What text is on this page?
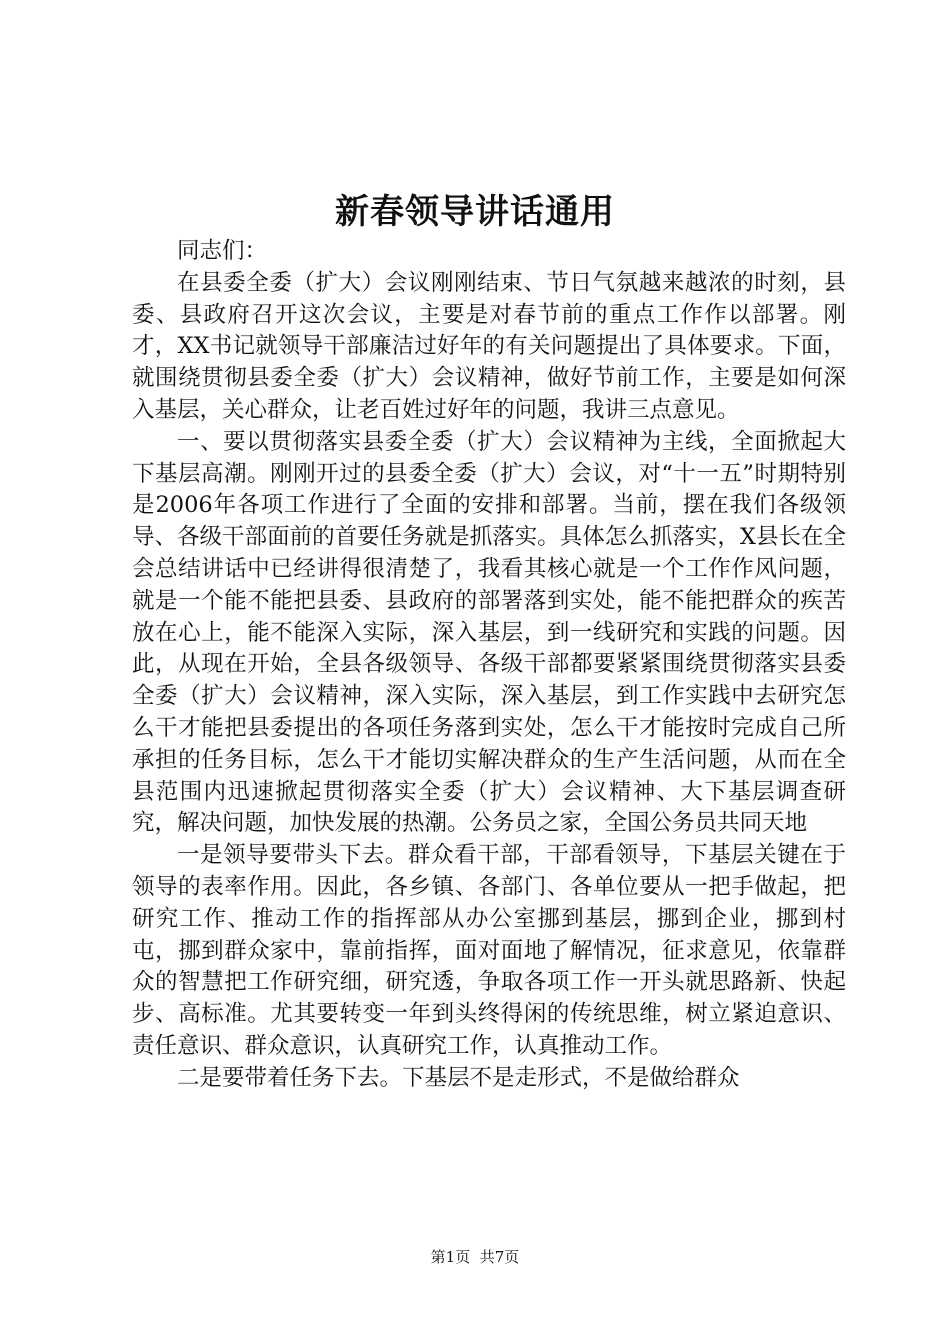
新春领导讲话通用

同志们：

在县委全委（扩大）会议刚刚结束、节日气氛越来越浓的时刻，县委、县政府召开这次会议，主要是对春节前的重点工作作以部署。刚才，XX书记就领导干部廉洁过好年的有关问题提出了具体要求。下面，就围绕贯彻县委全委（扩大）会议精神，做好节前工作，主要是如何深入基层，关心群众，让老百姓过好年的问题，我讲三点意见。

一、要以贯彻落实县委全委（扩大）会议精神为主线，全面掀起大下基层高潮。刚刚开过的县委全委（扩大）会议，对“十一五”时期特别是2006年各项工作进行了全面的安排和部署。当前，摆在我们各级领导、各级干部面前的首要任务就是抓落实。具体怎么抓落实，X县长在全会总结讲话中已经讲得很清楚了，我看其核心就是一个工作作风问题，就是一个能不能把县委、县政府的部署落到实处，能不能把群众的疾苦放在心上，能不能深入实际，深入基层，到一线研究和实践的问题。因此，从现在开始，全县各级领导、各级干部都要紧紧围绕贯彻落实县委全委（扩大）会议精神，深入实际，深入基层，到工作实践中去研究怎么干才能把县委提出的各项任务落到实处，怎么干才能按时完成自己所承担的任务目标，怎么干才能切实解决群众的生产生活问题，从而在全县范围内迅速掀起贯彻落实全委（扩大）会议精神、大下基层调查研究，解决问题，加快发展的热潮。公务员之家，全国公务员共同天地

一是领导要带头下去。群众看干部，干部看领导，下基层关键在于领导的表率作用。因此，各乡镇、各部门、各单位要从一把手做起，把研究工作、推动工作的指挥部从办公室挪到基层，挪到企业，挪到村屯，挪到群众家中，靠前指挥，面对面地了解情况，征求意见，依靠群众的智慧把工作研究细，研究透，争取各项工作一开头就思路新、快起步、高标准。尤其要转变一年到头终得闲的传统思维，树立紧迫意识、责任意识、群众意识，认真研究工作，认真推动工作。

二是要带着任务下去。下基层不是走形式，不是做给群众

第1页 共7页
